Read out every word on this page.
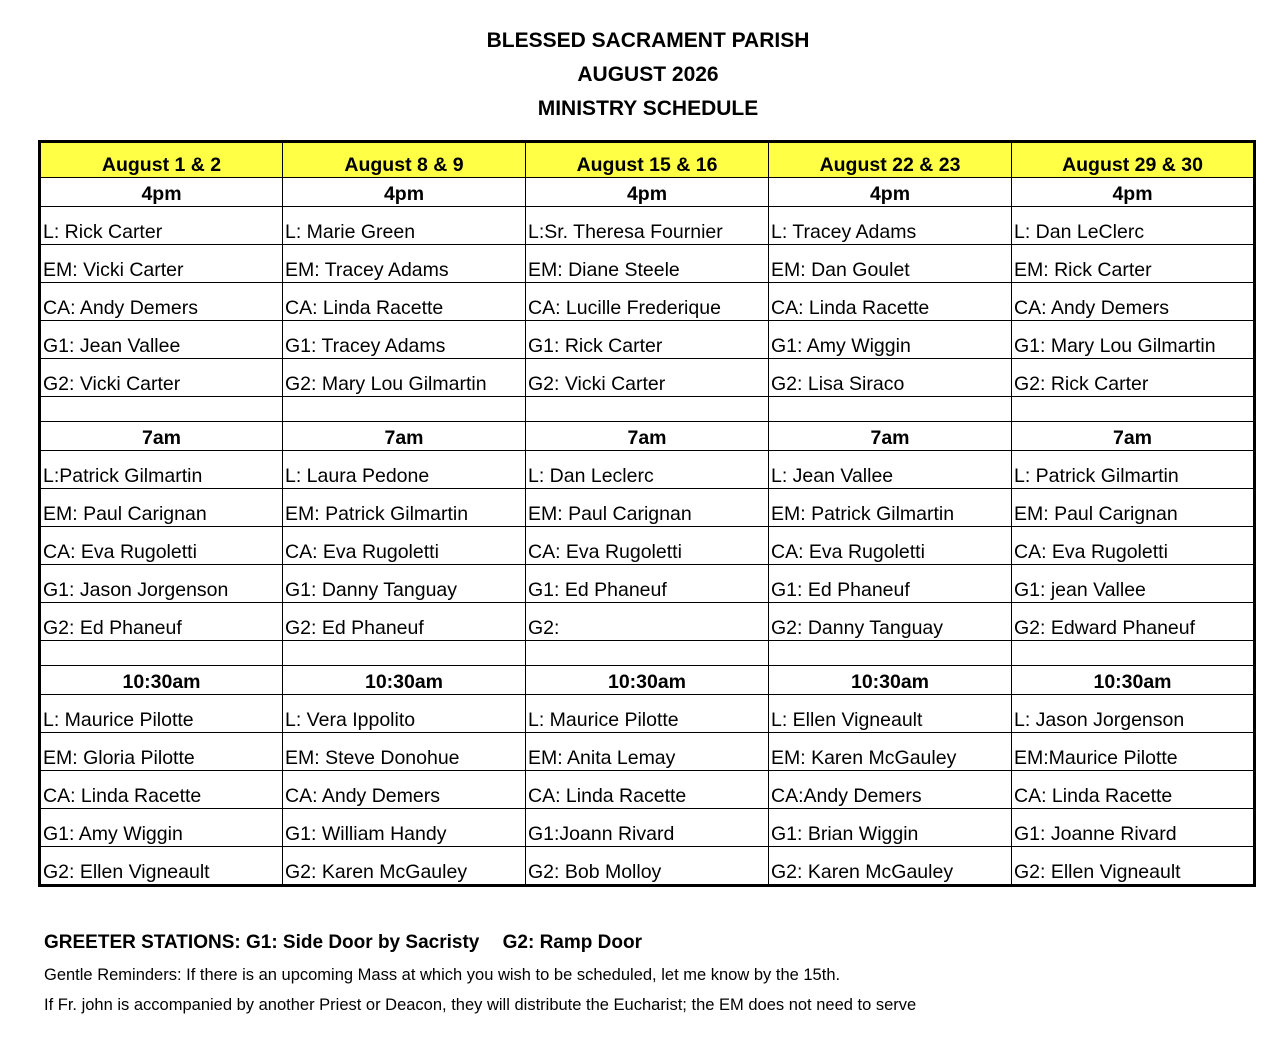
BLESSED SACRAMENT PARISH
AUGUST 2026
MINISTRY SCHEDULE
August 1 & 2	August 8 & 9	August 15 & 16	August 22 & 23	August 29 & 30
4pm	4pm	4pm	4pm	4pm
L: Rick Carter	L: Marie Green	L:Sr. Theresa Fournier	L: Tracey Adams	L: Dan LeClerc
EM: Vicki Carter	EM: Tracey Adams	EM: Diane Steele	EM: Dan Goulet	EM: Rick Carter
CA: Andy Demers	CA: Linda Racette	CA: Lucille Frederique	CA: Linda Racette	CA: Andy Demers
G1: Jean Vallee	G1: Tracey Adams	G1: Rick Carter	G1: Amy Wiggin	G1: Mary Lou Gilmartin
G2: Vicki Carter	G2: Mary Lou Gilmartin	G2: Vicki Carter	G2: Lisa Siraco	G2: Rick Carter

7am	7am	7am	7am	7am
L:Patrick Gilmartin	L: Laura Pedone	L: Dan Leclerc	L: Jean Vallee	L: Patrick Gilmartin
EM: Paul Carignan	EM: Patrick Gilmartin	EM: Paul Carignan	EM: Patrick Gilmartin	EM: Paul Carignan
CA: Eva Rugoletti	CA: Eva Rugoletti	CA: Eva Rugoletti	CA: Eva Rugoletti	CA: Eva Rugoletti
G1: Jason Jorgenson	G1: Danny Tanguay	G1: Ed Phaneuf	G1: Ed Phaneuf	G1: jean Vallee
G2: Ed Phaneuf	G2: Ed Phaneuf	G2:	G2: Danny Tanguay	G2: Edward Phaneuf

10:30am	10:30am	10:30am	10:30am	10:30am
L: Maurice Pilotte	L: Vera Ippolito	L: Maurice Pilotte	L: Ellen Vigneault	L: Jason Jorgenson
EM: Gloria Pilotte	EM: Steve Donohue	EM: Anita Lemay	EM: Karen McGauley	EM:Maurice Pilotte
CA: Linda Racette	CA: Andy Demers	CA: Linda Racette	CA:Andy Demers	CA: Linda Racette
G1: Amy Wiggin	G1: William Handy	G1:Joann Rivard	G1: Brian Wiggin	G1: Joanne Rivard
G2: Ellen Vigneault	G2: Karen McGauley	G2: Bob Molloy	G2: Karen McGauley	G2: Ellen Vigneault
GREETER STATIONS: G1: Side Door by Sacristy G2: Ramp Door
Gentle Reminders: If there is an upcoming Mass at which you wish to be scheduled, let me know by the 15th.
If Fr. john is accompanied by another Priest or Deacon, they will distribute the Eucharist; the EM does not need to serve
